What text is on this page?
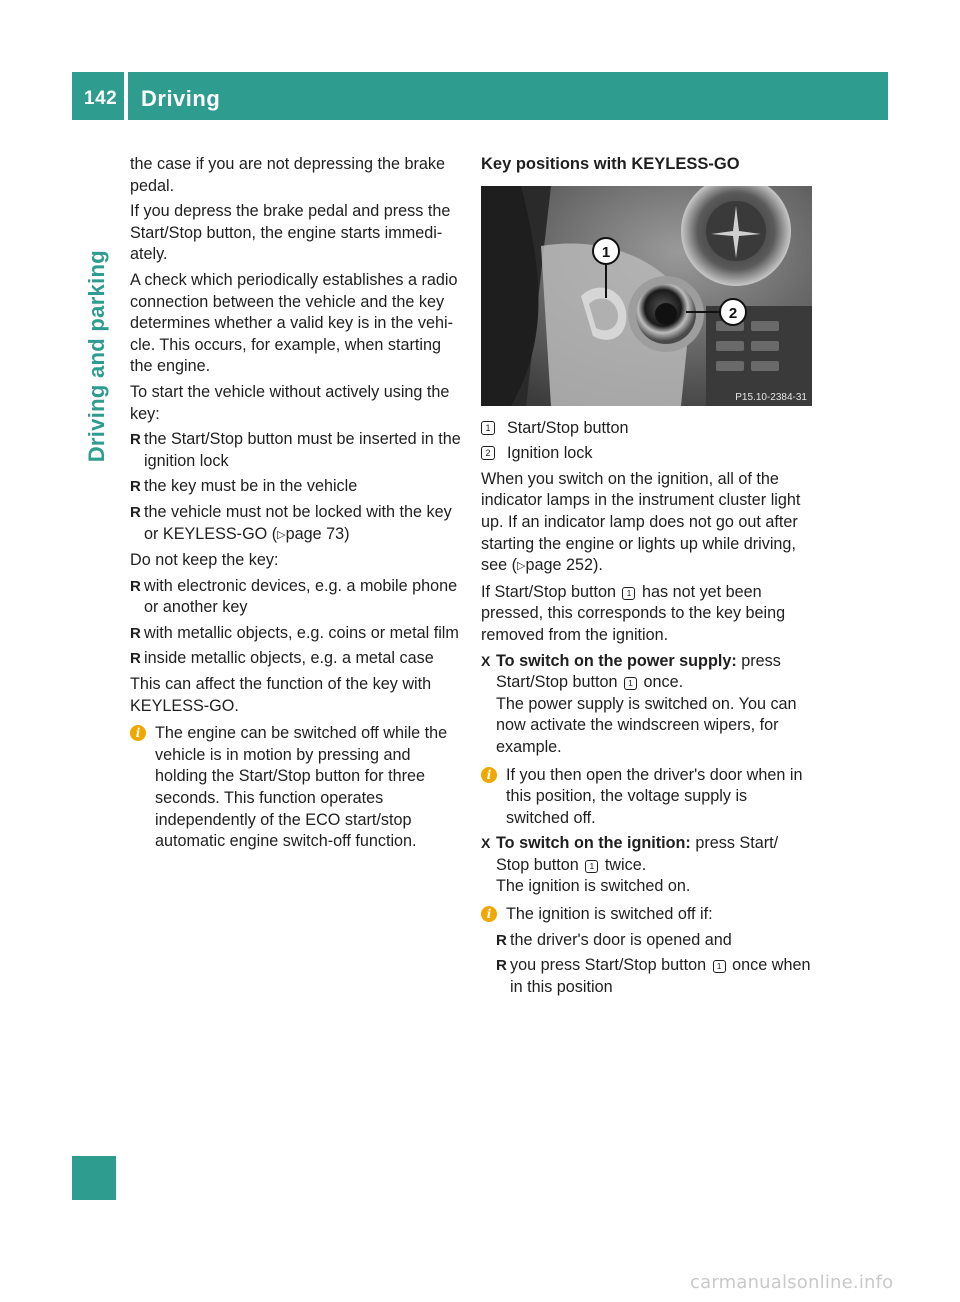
142 Driving
Driving and parking

the case if you are not depressing the brake pedal.

If you depress the brake pedal and press the Start/Stop button, the engine starts immedi-ately.

A check which periodically establishes a radio connection between the vehicle and the key determines whether a valid key is in the vehi-cle. This occurs, for example, when starting the engine.

To start the vehicle without actively using the key:

R the Start/Stop button must be inserted in the ignition lock
R the key must be in the vehicle
R the vehicle must not be locked with the key or KEYLESS-GO (▷page 73)

Do not keep the key:

R with electronic devices, e.g. a mobile phone or another key
R with metallic objects, e.g. coins or metal film
R inside metallic objects, e.g. a metal case

This can affect the function of the key with KEYLESS-GO.

i The engine can be switched off while the vehicle is in motion by pressing and holding the Start/Stop button for three seconds. This function operates independently of the ECO start/stop automatic engine switch-off function.
Key positions with KEYLESS-GO
1
2
P15.10-2384-31
1 Start/Stop button
2 Ignition lock

When you switch on the ignition, all of the indicator lamps in the instrument cluster light up. If an indicator lamp does not go out after starting the engine or lights up while driving, see (▷page 252).

If Start/Stop button 1 has not yet been pressed, this corresponds to the key being removed from the ignition.

X To switch on the power supply: press Start/Stop button 1 once.
The power supply is switched on. You can now activate the windscreen wipers, for example.
i If you then open the driver's door when in this position, the voltage supply is switched off.
X To switch on the ignition: press Start/ Stop button 1 twice.
The ignition is switched on.
i The ignition is switched off if:
R the driver's door is opened and
R you press Start/Stop button 1 once when in this position
carmanualsonline.info
